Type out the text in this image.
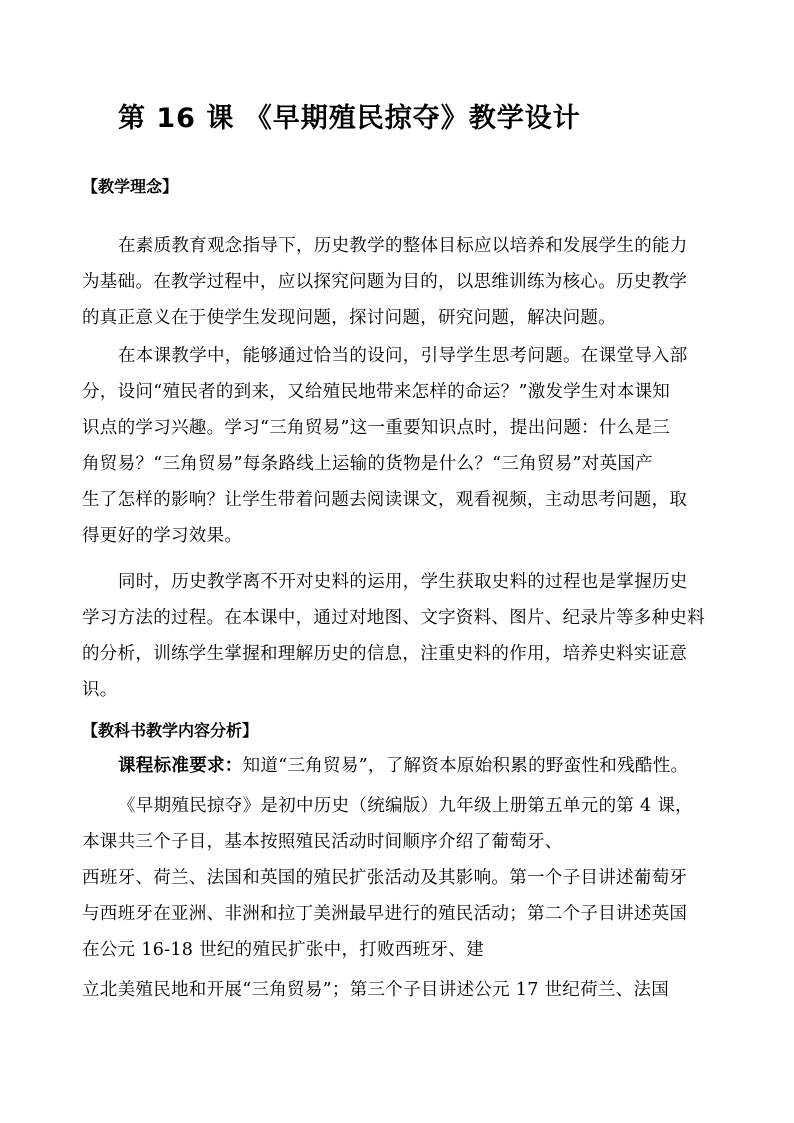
第 16 课 《早期殖民掠夺》教学设计
【教学理念】
在素质教育观念指导下，历史教学的整体目标应以培养和发展学生的能力
为基础。在教学过程中，应以探究问题为目的，以思维训练为核心。历史教学
的真正意义在于使学生发现问题，探讨问题，研究问题，解决问题。
在本课教学中，能够通过恰当的设问，引导学生思考问题。在课堂导入部
分，设问“殖民者的到来，又给殖民地带来怎样的命运？”激发学生对本课知
识点的学习兴趣。学习“三角贸易”这一重要知识点时，提出问题：什么是三
角贸易？“三角贸易”每条路线上运输的货物是什么？“三角贸易”对英国产
生了怎样的影响？让学生带着问题去阅读课文，观看视频，主动思考问题，取
得更好的学习效果。
同时，历史教学离不开对史料的运用，学生获取史料的过程也是掌握历史
学习方法的过程。在本课中，通过对地图、文字资料、图片、纪录片等多种史料
的分析，训练学生掌握和理解历史的信息，注重史料的作用，培养史料实证意
识。
【教科书教学内容分析】
课程标准要求：知道“三角贸易”，了解资本原始积累的野蛮性和残酷性。
《早期殖民掠夺》是初中历史（统编版）九年级上册第五单元的第 4 课，
本课共三个子目，基本按照殖民活动时间顺序介绍了葡萄牙、
西班牙、荷兰、法国和英国的殖民扩张活动及其影响。第一个子目讲述葡萄牙
与西班牙在亚洲、非洲和拉丁美洲最早进行的殖民活动；第二个子目讲述英国
在公元 16-18 世纪的殖民扩张中，打败西班牙、建
立北美殖民地和开展“三角贸易”；第三个子目讲述公元 17 世纪荷兰、法国
